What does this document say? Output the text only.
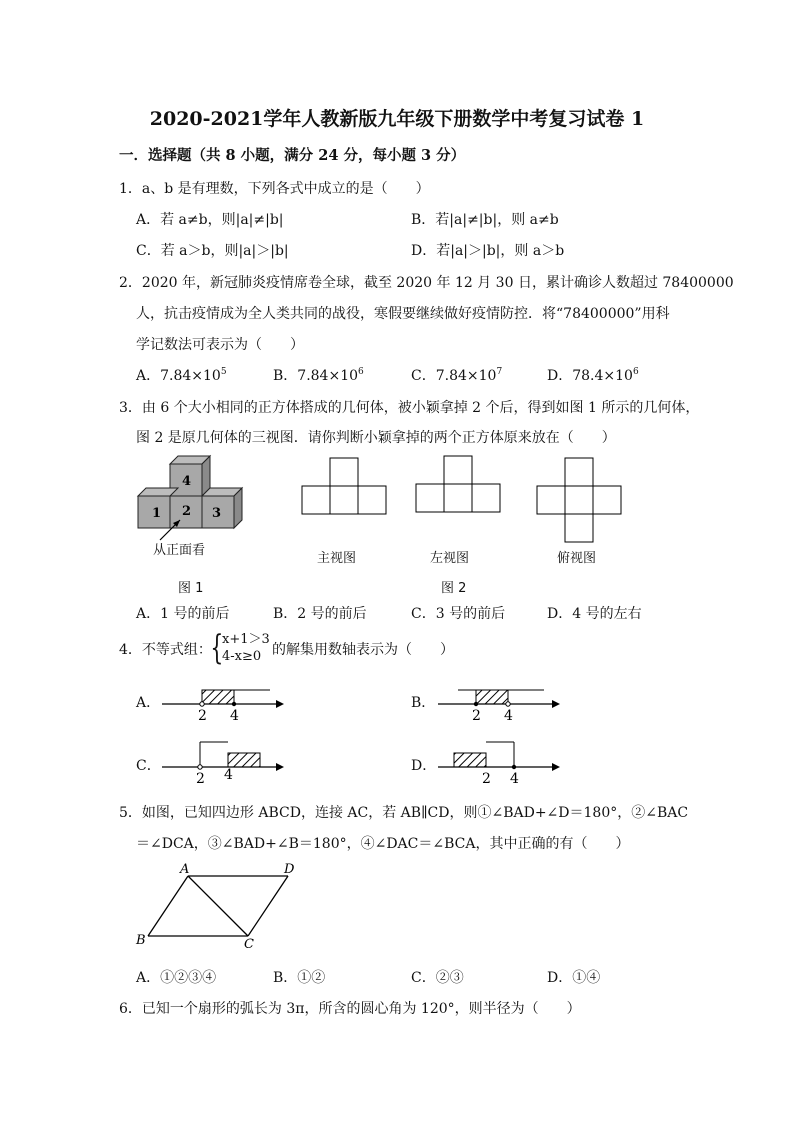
2020-2021学年人教新版九年级下册数学中考复习试卷 1
一．选择题（共 8 小题，满分 24 分，每小题 3 分）
1．a、b 是有理数，下列各式中成立的是（　　）
A．若 a≠b，则|a|≠|b|	B．若|a|≠|b|，则 a≠b
C．若 a＞b，则|a|＞|b|	D．若|a|＞|b|，则 a＞b
2．2020 年，新冠肺炎疫情席卷全球，截至 2020 年 12 月 30 日，累计确诊人数超过 78400000
人，抗击疫情成为全人类共同的战役，寒假要继续做好疫情防控．将“78400000”用科
学记数法可表示为（　　）
A．$7.84\times 10^5$	B．$7.84\times 10^6$	C．$7.84\times 10^7$	D．$78.4\times 10^6$
3．由 6 个大小相同的正方体搭成的几何体，被小颖拿掉 2 个后，得到如图 1 所示的几何体，
图 2 是原几何体的三视图．请你判断小颖拿掉的两个正方体原来放在（　　）
1 2 3
4
从正面看
图 1
主视图	左视图	俯视图
图 2
A．1 号的前后	B．2 号的前后	C．3 号的前后	D．4 号的左右
4．不等式组：
{
x+1＞3
4-x≥0 的解集用数轴表示为（　　）
A．
2 4
B．
2 4
C．
2 4
D．
2 4
5．如图，已知四边形 ABCD，连接 AC，若 AB∥CD，则①∠BAD+∠D＝180°，②∠BAC
＝∠DCA，③∠BAD+∠B＝180°，④∠DAC＝∠BCA，其中正确的有（　　）
A	D
B	C
A．①②③④	B．①②	C．②③	D．①④
6．已知一个扇形的弧长为 3π，所含的圆心角为 120°，则半径为（　　）
